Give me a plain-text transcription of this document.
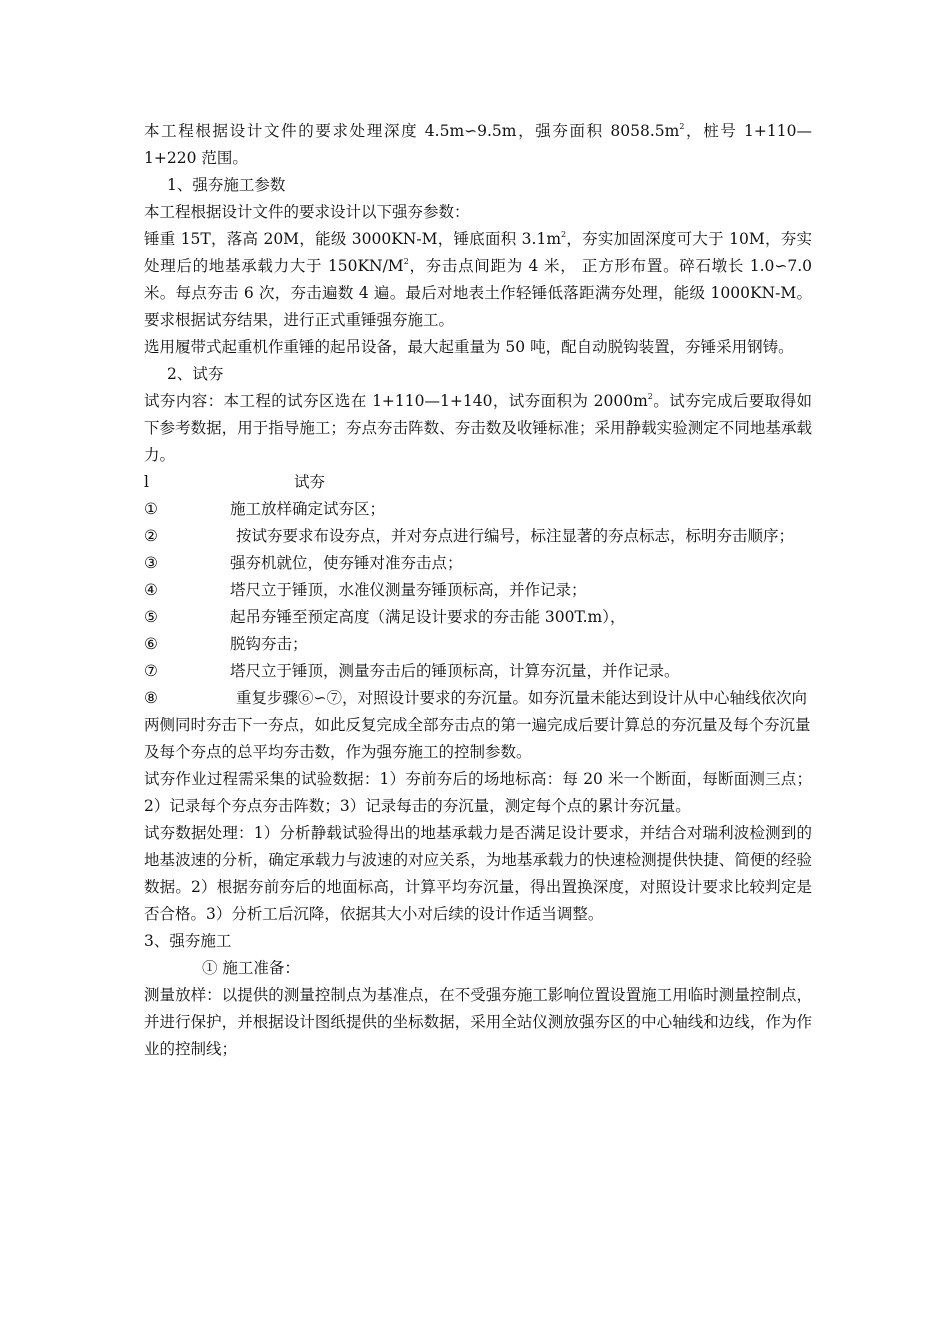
本工程根据设计文件的要求处理深度 4.5m∽9.5m，强夯面积 $8058.5m^2$，桩号 1+110—1+220 范围。

1、强夯施工参数

本工程根据设计文件的要求设计以下强夯参数：

锤重 15T，落高 20M，能级 3000KN-M，锤底面积 $3.1m^2$，夯实加固深度可大于 10M，夯实处理后的地基承载力大于 $150KN/M^2$，夯击点间距为 4 米， 正方形布置。碎石墩长 1.0∽7.0 米。每点夯击 6 次，夯击遍数 4 遍。最后对地表土作轻锤低落距满夯处理，能级 1000KN-M。要求根据试夯结果，进行正式重锤强夯施工。

选用履带式起重机作重锤的起吊设备，最大起重量为 50 吨，配自动脱钩装置，夯锤采用钢铸。

2、试夯

试夯内容：本工程的试夯区选在 1+110—1+140，试夯面积为 $2000m^2$。试夯完成后要取得如下参考数据，用于指导施工；夯点夯击阵数、夯击数及收锤标准；采用静载实验测定不同地基承载力。

l	试夯
①	施工放样确定试夯区；

②	按试夯要求布设夯点，并对夯点进行编号，标注显著的夯点标志，标明夯击顺序；

③	强夯机就位，使夯锤对准夯击点；
④	塔尺立于锤顶，水准仪测量夯锤顶标高，并作记录；
⑤	起吊夯锤至预定高度（满足设计要求的夯击能 300T.m），
⑥	脱钩夯击；
⑦	塔尺立于锤顶，测量夯击后的锤顶标高，计算夯沉量，并作记录。

⑧	重复步骤⑥∽⑦，对照设计要求的夯沉量。如夯沉量未能达到设计从中心轴线依次向两侧同时夯击下一夯点，如此反复完成全部夯击点的第一遍完成后要计算总的夯沉量及每个夯沉量及每个夯点的总平均夯击数，作为强夯施工的控制参数。

试夯作业过程需采集的试验数据：1）夯前夯后的场地标高：每 20 米一个断面，每断面测三点；2）记录每个夯点夯击阵数；3）记录每击的夯沉量，测定每个点的累计夯沉量。

试夯数据处理：1）分析静载试验得出的地基承载力是否满足设计要求，并结合对瑞利波检测到的地基波速的分析，确定承载力与波速的对应关系，为地基承载力的快速检测提供快捷、简便的经验数据。2）根据夯前夯后的地面标高，计算平均夯沉量，得出置换深度，对照设计要求比较判定是否合格。3）分析工后沉降，依据其大小对后续的设计作适当调整。

3、强夯施工

① 施工准备：

测量放样：以提供的测量控制点为基准点，在不受强夯施工影响位置设置施工用临时测量控制点，并进行保护，并根据设计图纸提供的坐标数据，采用全站仪测放强夯区的中心轴线和边线，作为作业的控制线；
